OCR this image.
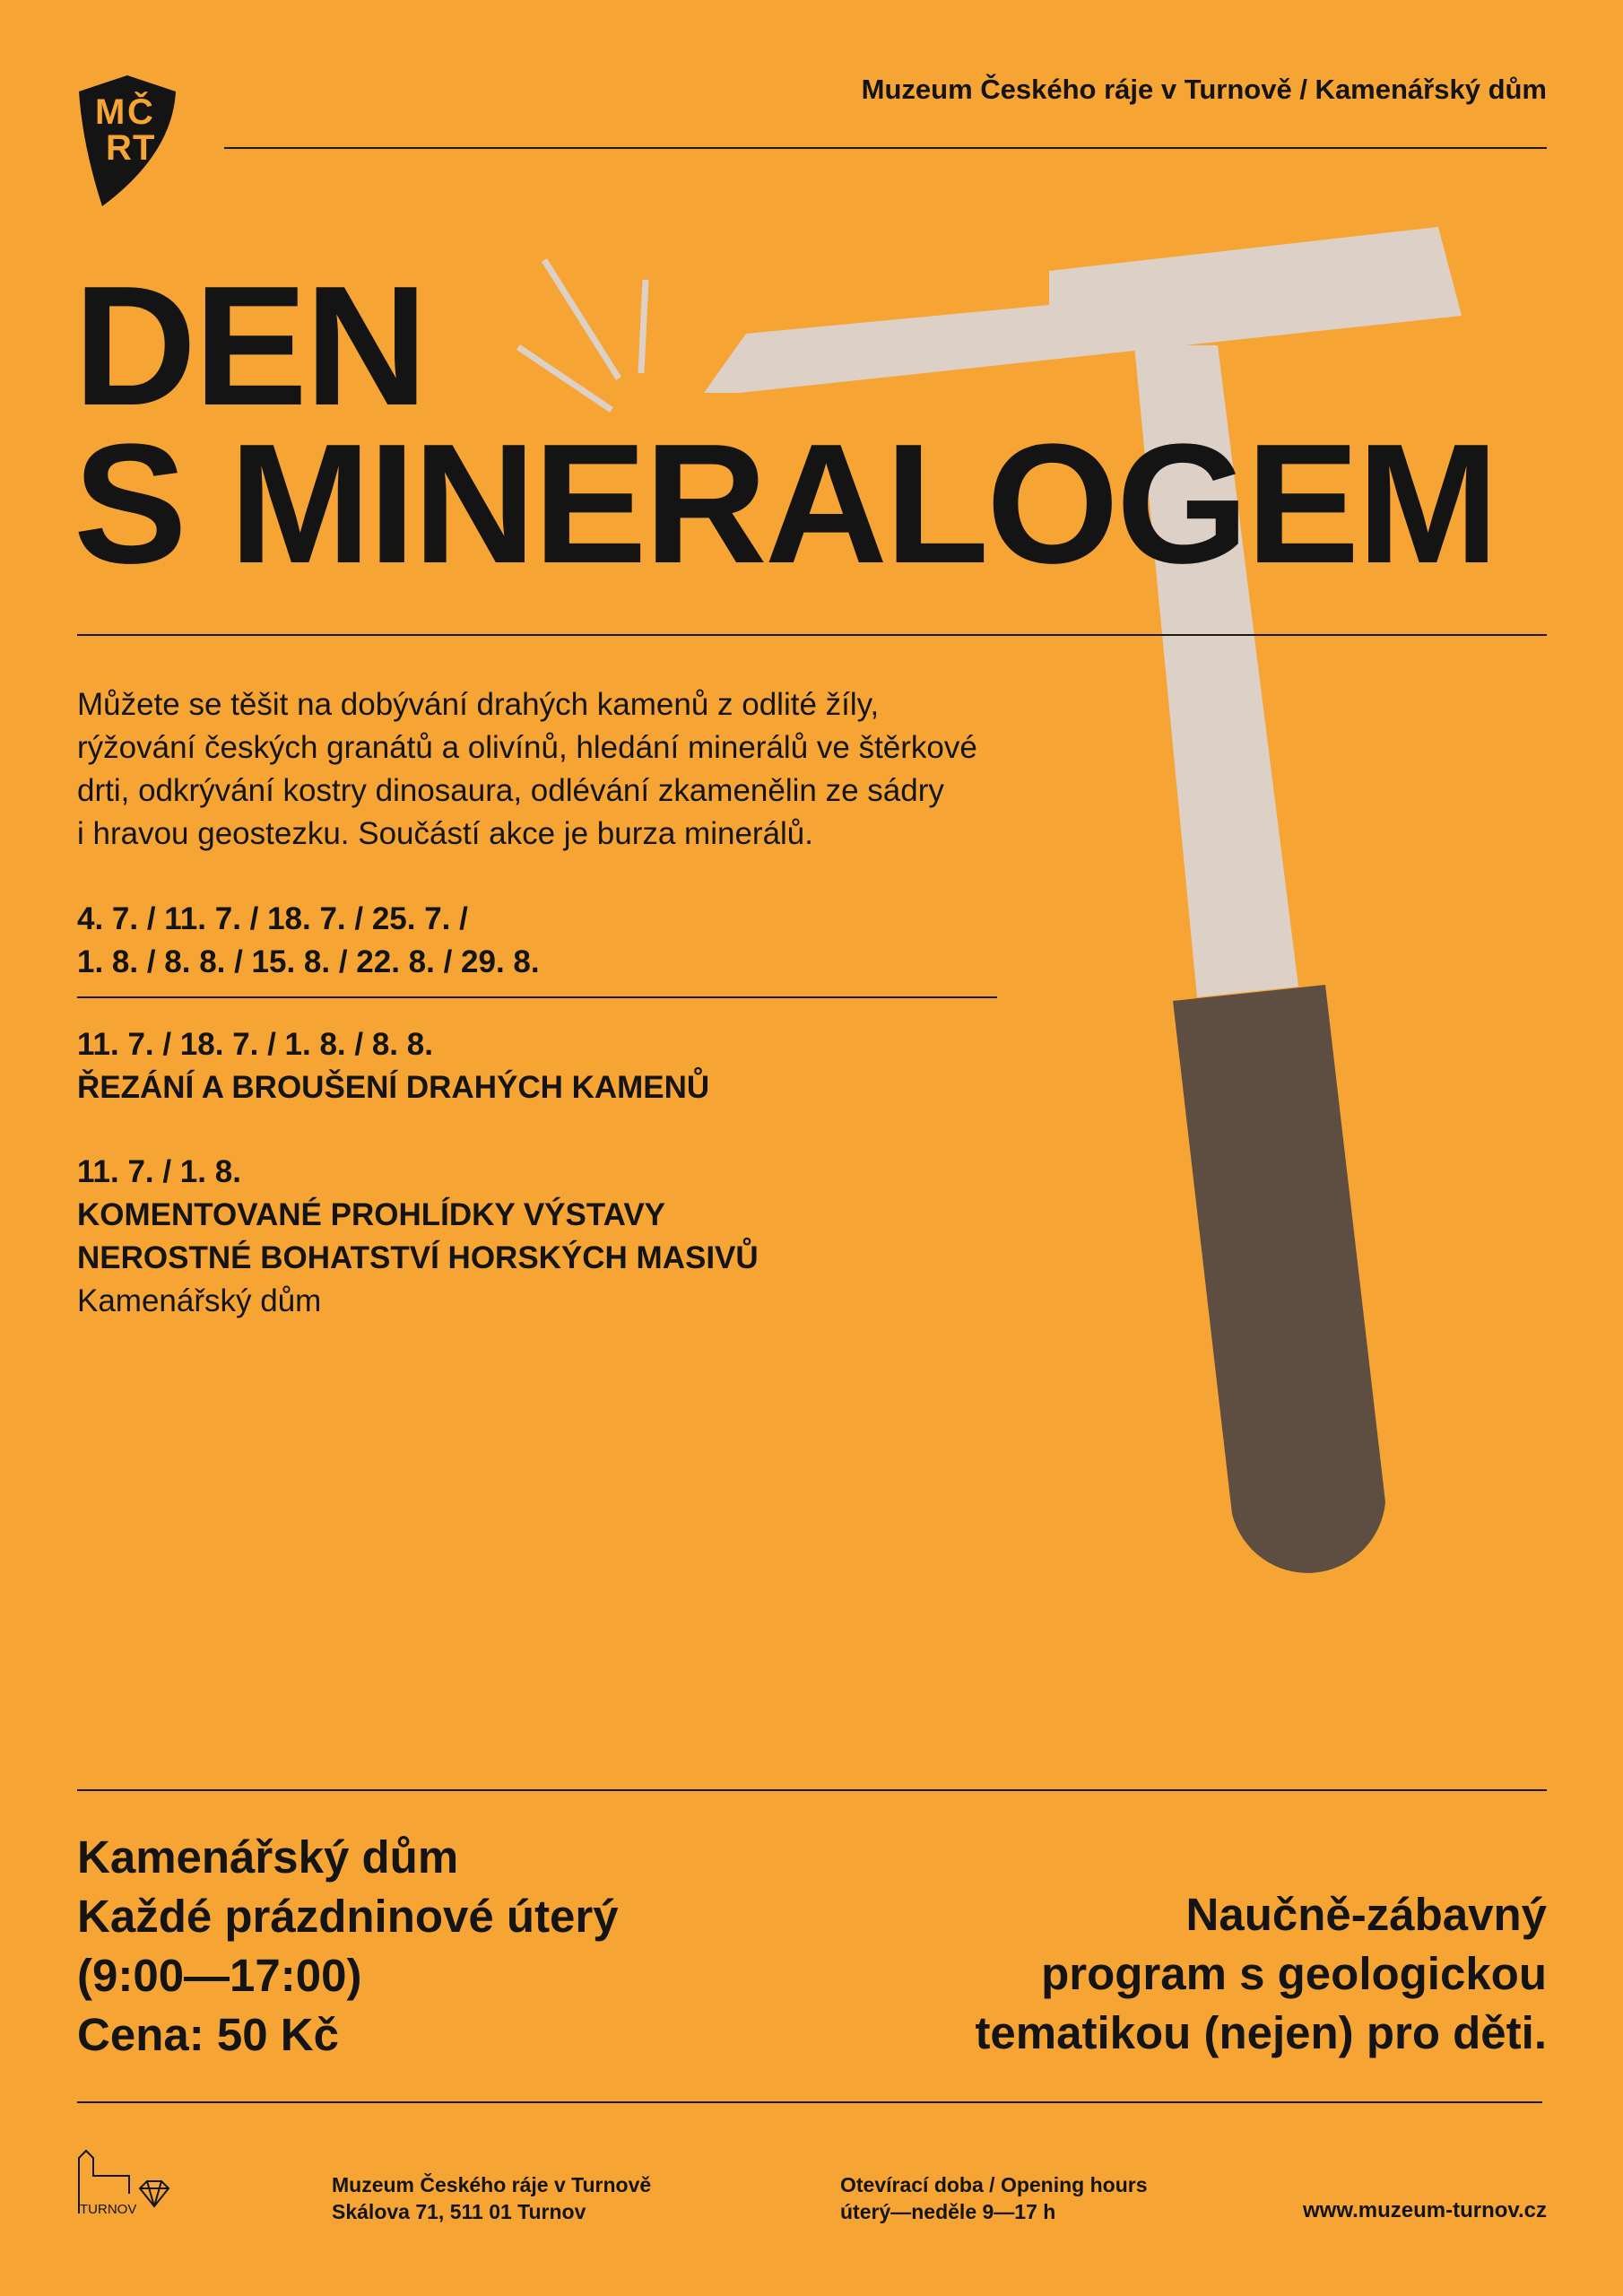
M Č
R T
Muzeum Českého ráje v Turnově / Kamenářský dům
DEN
S MINERALOGEM
Můžete se těšit na dobývání drahých kamenů z odlité žíly,
rýžování českých granátů a olivínů, hledání minerálů ve štěrkové
drti, odkrývání kostry dinosaura, odlévání zkamenělin ze sádry
i hravou geostezku. Součástí akce je burza minerálů.
4. 7. / 11. 7. / 18. 7. / 25. 7. /
1. 8. / 8. 8. / 15. 8. / 22. 8. / 29. 8.
11. 7. / 18. 7. / 1. 8. / 8. 8.
ŘEZÁNÍ A BROUŠENÍ DRAHÝCH KAMENŮ
11. 7. / 1. 8.
KOMENTOVANÉ PROHLÍDKY VÝSTAVY
NEROSTNÉ BOHATSTVÍ HORSKÝCH MASIVŮ
Kamenářský dům
Kamenářský dům
Každé prázdninové úterý
(9:00—17:00)
Cena: 50 Kč
Naučně-zábavný
program s geologickou
tematikou (nejen) pro děti.
TURNOV
Muzeum Českého ráje v Turnově
Skálova 71, 511 01 Turnov
Otevírací doba / Opening hours
úterý—neděle 9—17 h	www.muzeum-turnov.cz
